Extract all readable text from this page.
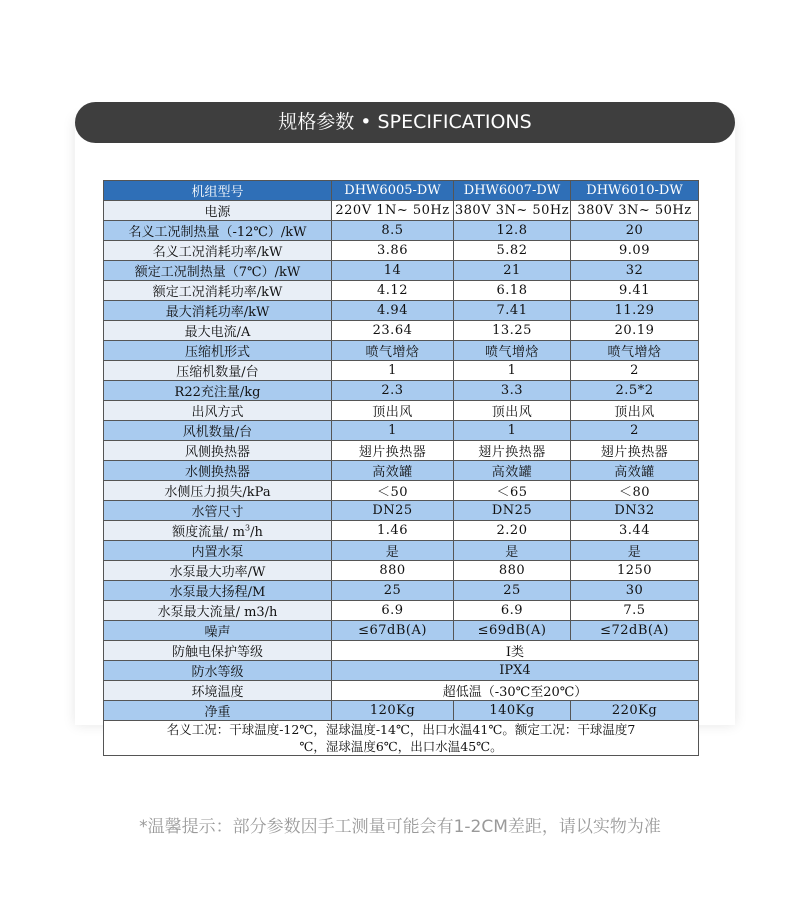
规格参数 • SPECIFICATIONS
机组型号	DHW6005-DW	DHW6007-DW	DHW6010-DW
电源	220V 1N~ 50Hz	380V 3N~ 50Hz	380V 3N~ 50Hz
名义工况制热量（-12℃）/kW	8.5	12.8	20
名义工况消耗功率/kW	3.86	5.82	9.09
额定工况制热量（7℃）/kW	14	21	32
额定工况消耗功率/kW	4.12	6.18	9.41
最大消耗功率/kW	4.94	7.41	11.29
最大电流/A	23.64	13.25	20.19
压缩机形式	喷气增焓	喷气增焓	喷气增焓
压缩机数量/台	1	1	2
R22充注量/kg	2.3	3.3	2.5*2
出风方式	顶出风	顶出风	顶出风
风机数量/台	1	1	2
风侧换热器	翅片换热器	翅片换热器	翅片换热器
水侧换热器	高效罐	高效罐	高效罐
水侧压力损失/kPa	＜50	＜65	＜80
水管尺寸	DN25	DN25	DN32
额度流量/ $m^3/h$	1.46	2.20	3.44
内置水泵	是	是	是
水泵最大功率/W	880	880	1250
水泵最大扬程/M	25	25	30
水泵最大流量/ m3/h	6.9	6.9	7.5
噪声	≤67dB(A)	≤69dB(A)	≤72dB(A)
防触电保护等级	I类		
防水等级	IPX4		
环境温度	超低温（-30℃至20℃）		
净重	120Kg	140Kg	220Kg
名义工况：干球温度-12℃，湿球温度-14℃，出口水温41℃。额定工况：干球温度7
℃，湿球温度6℃，出口水温45℃。			
*温馨提示：部分参数因手工测量可能会有1-2CM差距，请以实物为准
